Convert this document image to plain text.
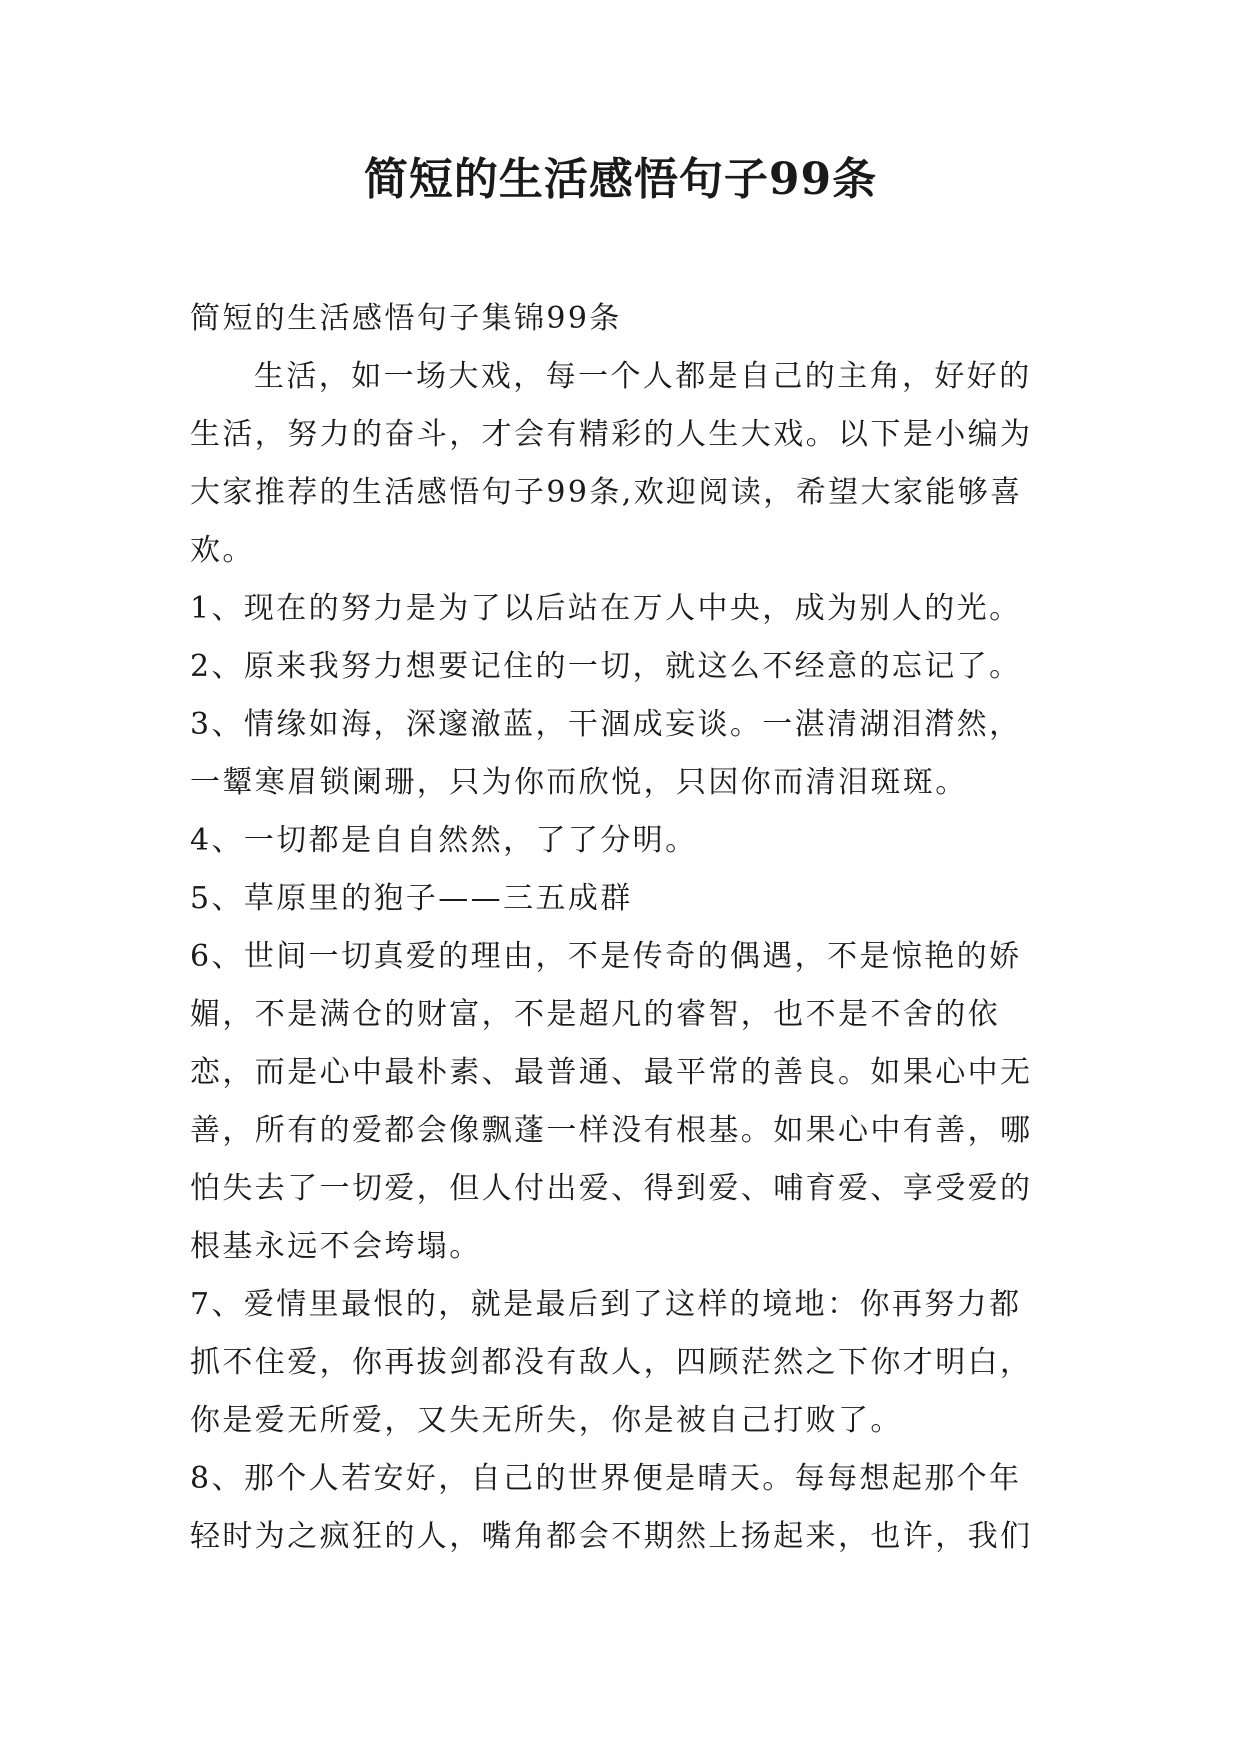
简短的生活感悟句子99条

简短的生活感悟句子集锦99条

生活，如一场大戏，每一个人都是自己的主角，好好的生活，努力的奋斗，才会有精彩的人生大戏。以下是小编为大家推荐的生活感悟句子99条,欢迎阅读，希望大家能够喜欢。

1、现在的努力是为了以后站在万人中央，成为别人的光。

2、原来我努力想要记住的一切，就这么不经意的忘记了。

3、情缘如海，深邃澈蓝，干涸成妄谈。一湛清湖泪潸然，一颦寒眉锁阑珊，只为你而欣悦，只因你而清泪斑斑。

4、一切都是自自然然，了了分明。

5、草原里的狍子——三五成群

6、世间一切真爱的理由，不是传奇的偶遇，不是惊艳的娇媚，不是满仓的财富，不是超凡的睿智，也不是不舍的依恋，而是心中最朴素、最普通、最平常的善良。如果心中无善，所有的爱都会像飘蓬一样没有根基。如果心中有善，哪怕失去了一切爱，但人付出爱、得到爱、哺育爱、享受爱的根基永远不会垮塌。

7、爱情里最恨的，就是最后到了这样的境地：你再努力都抓不住爱，你再拔剑都没有敌人，四顾茫然之下你才明白，你是爱无所爱，又失无所失，你是被自己打败了。

8、那个人若安好，自己的世界便是晴天。每每想起那个年轻时为之疯狂的人，嘴角都会不期然上扬起来，也许，我们
